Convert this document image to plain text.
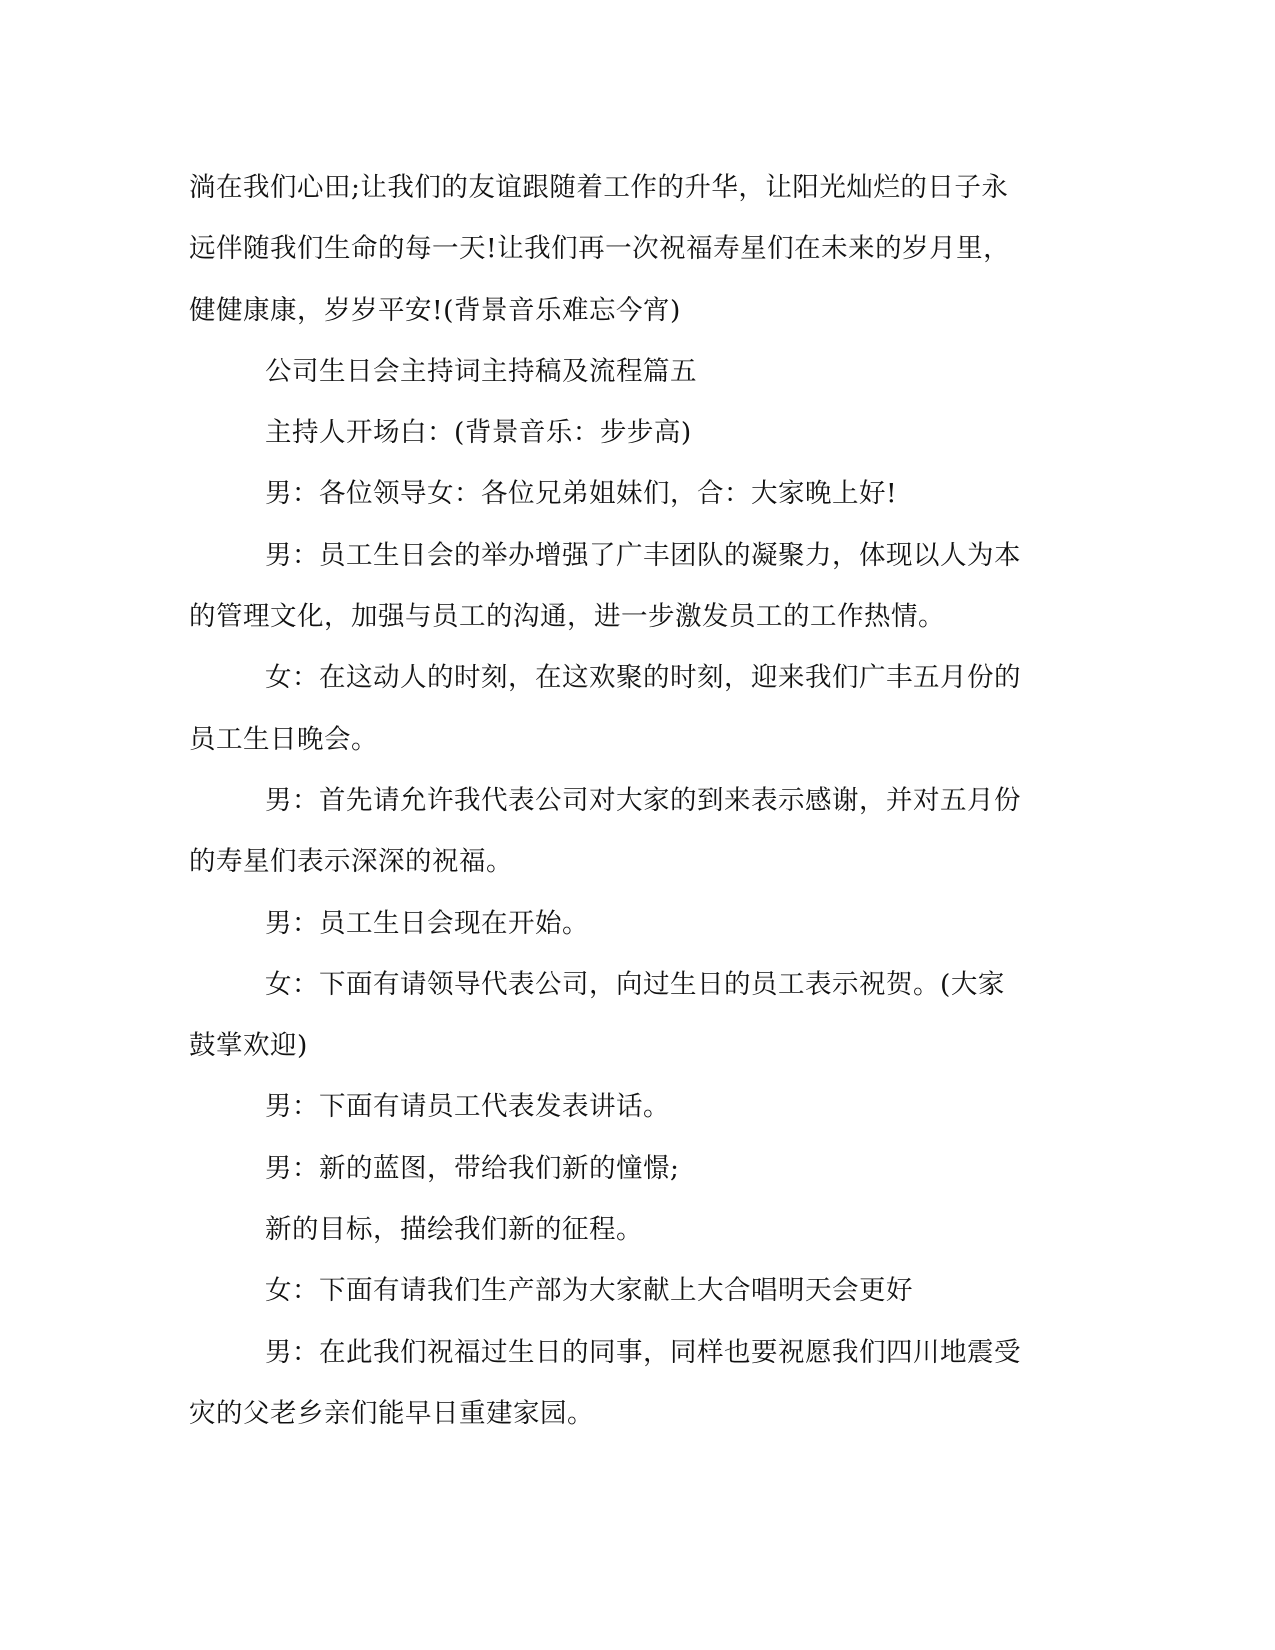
淌在我们心田;让我们的友谊跟随着工作的升华，让阳光灿烂的日子永
远伴随我们生命的每一天!让我们再一次祝福寿星们在未来的岁月里，
健健康康，岁岁平安!(背景音乐难忘今宵)

公司生日会主持词主持稿及流程篇五

主持人开场白：(背景音乐：步步高)

男：各位领导女：各位兄弟姐妹们，合：大家晚上好!

男：员工生日会的举办增强了广丰团队的凝聚力，体现以人为本

的管理文化，加强与员工的沟通，进一步激发员工的工作热情。

女：在这动人的时刻，在这欢聚的时刻，迎来我们广丰五月份的

员工生日晚会。

男：首先请允许我代表公司对大家的到来表示感谢，并对五月份

的寿星们表示深深的祝福。

男：员工生日会现在开始。

女：下面有请领导代表公司，向过生日的员工表示祝贺。(大家

鼓掌欢迎)

男：下面有请员工代表发表讲话。

男：新的蓝图，带给我们新的憧憬;

新的目标，描绘我们新的征程。

女：下面有请我们生产部为大家献上大合唱明天会更好

男：在此我们祝福过生日的同事，同样也要祝愿我们四川地震受

灾的父老乡亲们能早日重建家园。
